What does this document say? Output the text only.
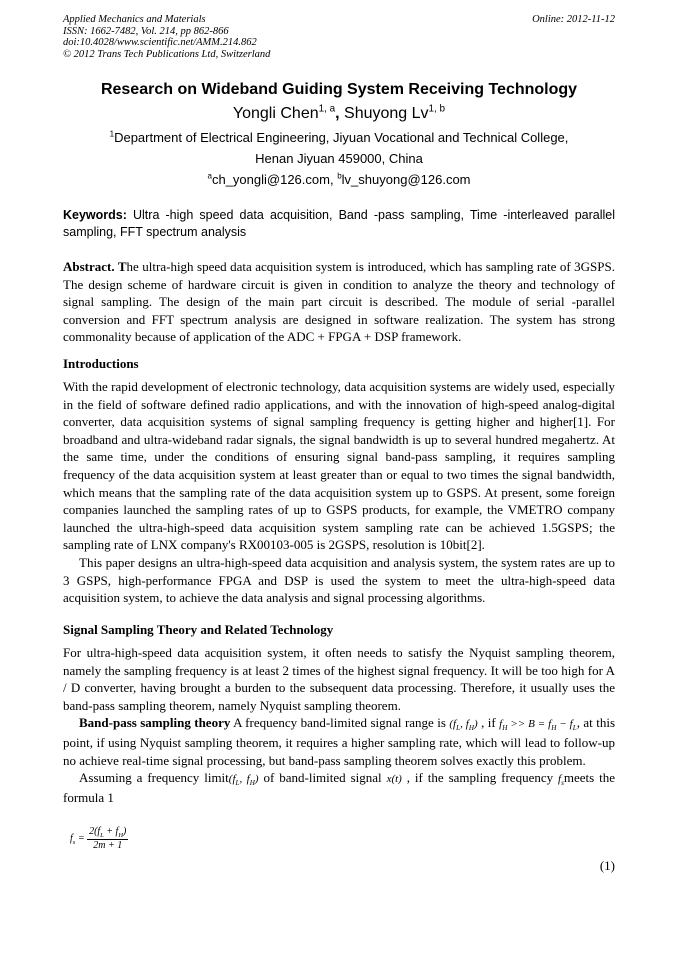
Applied Mechanics and Materials
ISSN: 1662-7482, Vol. 214, pp 862-866
doi:10.4028/www.scientific.net/AMM.214.862
© 2012 Trans Tech Publications Ltd, Switzerland
Online: 2012-11-12
Research on Wideband Guiding System Receiving Technology
Yongli Chen$^{1, a}$, Shuyong Lv$^{1, b}$
$^1$Department of Electrical Engineering, Jiyuan Vocational and Technical College,
Henan Jiyuan 459000, China
$^a$ch_yongli@126.com, $^b$lv_shuyong@126.com
Keywords: Ultra -high speed data acquisition, Band -pass sampling, Time -interleaved parallel sampling, FFT spectrum analysis
Abstract. The ultra-high speed data acquisition system is introduced, which has sampling rate of 3GSPS. The design scheme of hardware circuit is given in condition to analyze the theory and technology of signal sampling. The design of the main part circuit is described. The module of serial -parallel conversion and FFT spectrum analysis are designed in software realization. The system has strong commonality because of application of the ADC + FPGA + DSP framework.
Introductions
With the rapid development of electronic technology, data acquisition systems are widely used, especially in the field of software defined radio applications, and with the innovation of high-speed analog-digital converter, data acquisition systems of signal sampling frequency is getting higher and higher[1]. For broadband and ultra-wideband radar signals, the signal bandwidth is up to several hundred megahertz. At the same time, under the conditions of ensuring signal band-pass sampling, it requires sampling frequency of the data acquisition system at least greater than or equal to two times the signal bandwidth, which means that the sampling rate of the data acquisition system up to GSPS. At present, some foreign companies launched the sampling rates of up to GSPS products, for example, the VMETRO company launched the ultra-high-speed data acquisition system sampling rate can be achieved 1.5GSPS; the sampling rate of LNX company's RX00103-005 is 2GSPS, resolution is 10bit[2].
This paper designs an ultra-high-speed data acquisition and analysis system, the system rates are up to 3 GSPS, high-performance FPGA and DSP is used the system to meet the ultra-high-speed data acquisition system, to achieve the data analysis and signal processing algorithms.
Signal Sampling Theory and Related Technology
For ultra-high-speed data acquisition system, it often needs to satisfy the Nyquist sampling theorem, namely the sampling frequency is at least 2 times of the highest signal frequency. It will be too high for A / D converter, having brought a burden to the subsequent data processing. Therefore, it usually uses the band-pass sampling theorem, namely Nyquist sampling theorem.
Band-pass sampling theory A frequency band-limited signal range is ($f_L$, $f_H$) , if $f_H >> B = f_H - f_L$, at this point, if using Nyquist sampling theorem, it requires a higher sampling rate, which will lead to follow-up no achieve real-time signal processing, but band-pass sampling theorem solves exactly this problem.
Assuming a frequency $limit(f_L$, $f_H$) of band-limited signal x(t) , if the sampling frequency $f_smeets$ the formula 1
$f_s = \frac{2(f_L + f_H)}{2m + 1}$
(1)
